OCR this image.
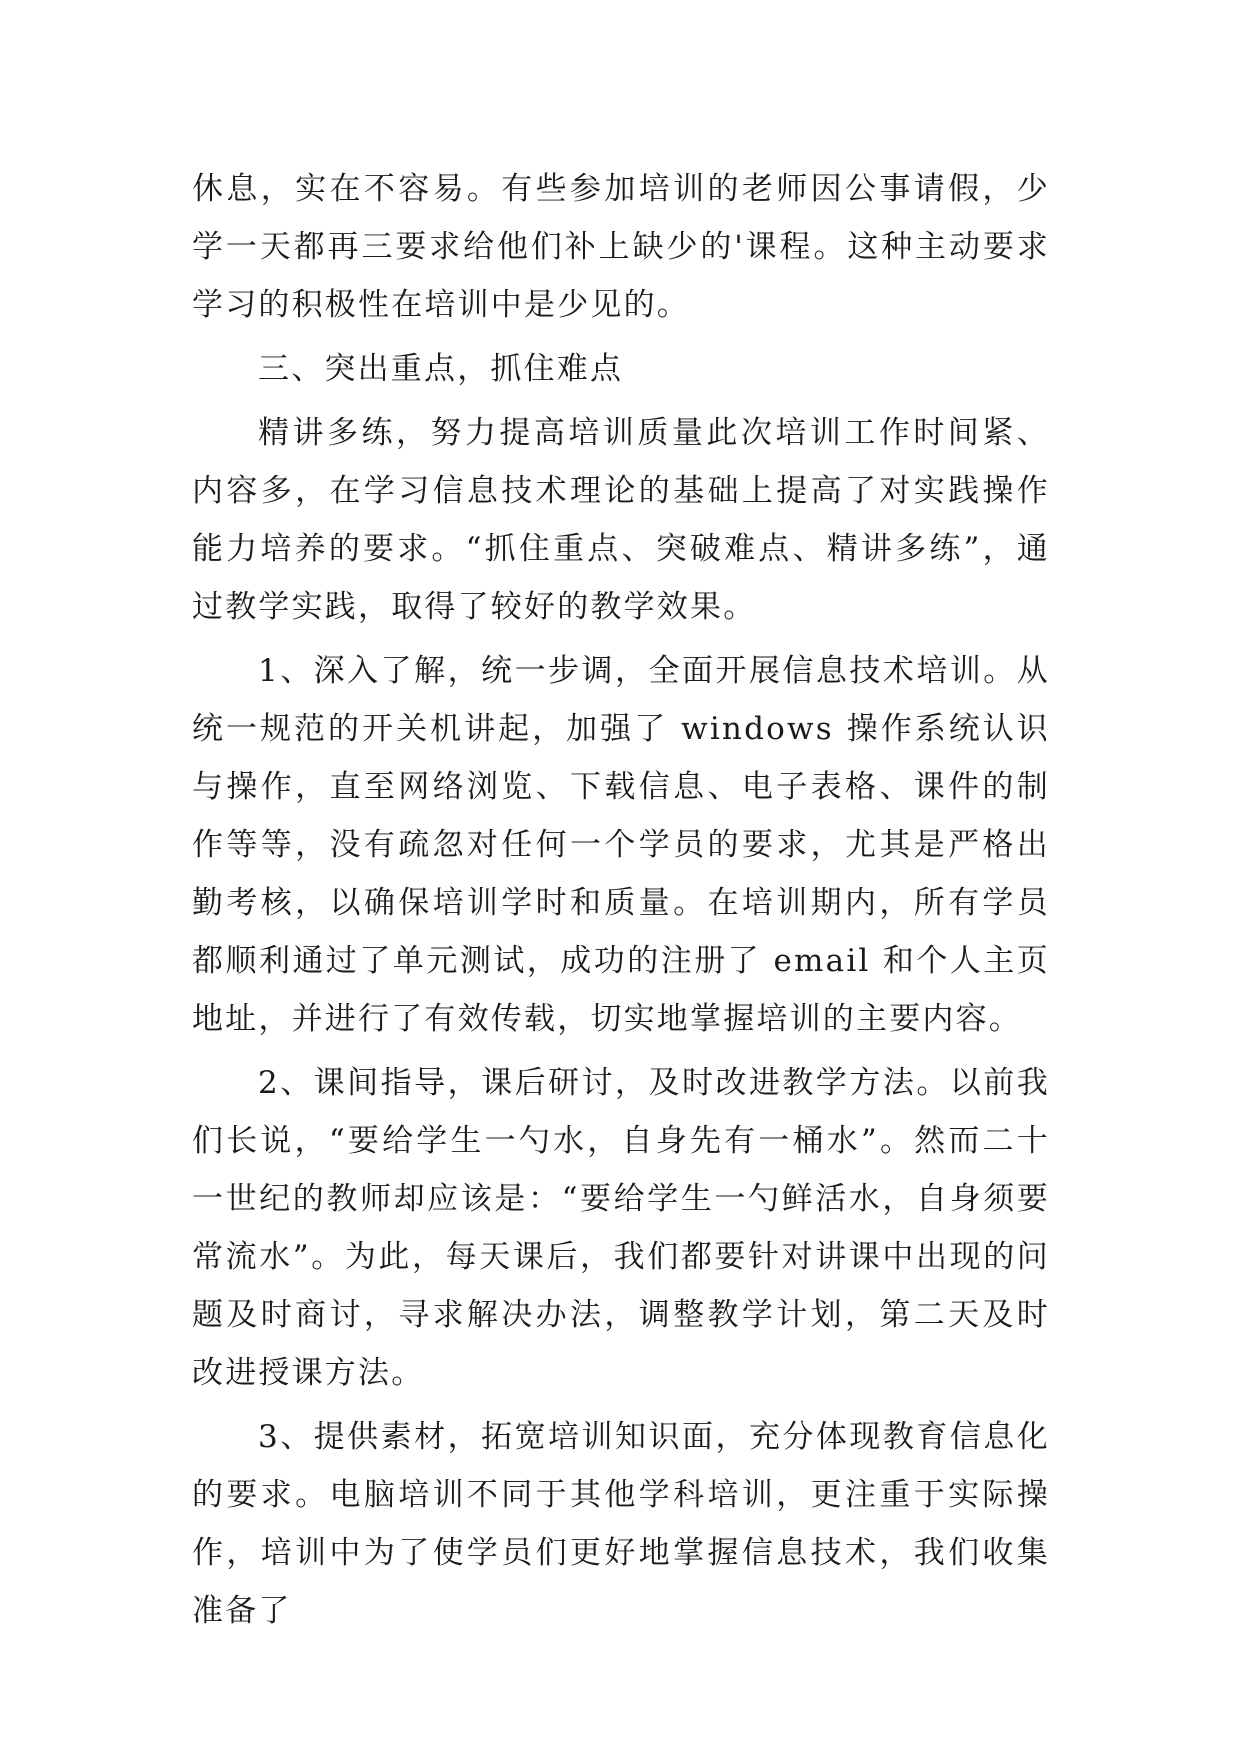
休息，实在不容易。有些参加培训的老师因公事请假，少学一天都再三要求给他们补上缺少的'课程。这种主动要求学习的积极性在培训中是少见的。

三、突出重点，抓住难点

精讲多练，努力提高培训质量此次培训工作时间紧、内容多，在学习信息技术理论的基础上提高了对实践操作能力培养的要求。“抓住重点、突破难点、精讲多练”，通过教学实践，取得了较好的教学效果。

1、深入了解，统一步调，全面开展信息技术培训。从统一规范的开关机讲起，加强了 windows 操作系统认识与操作，直至网络浏览、下载信息、电子表格、课件的制作等等，没有疏忽对任何一个学员的要求，尤其是严格出勤考核，以确保培训学时和质量。在培训期内，所有学员都顺利通过了单元测试，成功的注册了 email 和个人主页地址，并进行了有效传载，切实地掌握培训的主要内容。

2、课间指导，课后研讨，及时改进教学方法。以前我们长说，“要给学生一勺水，自身先有一桶水”。然而二十一世纪的教师却应该是：“要给学生一勺鲜活水，自身须要常流水”。为此，每天课后，我们都要针对讲课中出现的问题及时商讨，寻求解决办法，调整教学计划，第二天及时改进授课方法。

3、提供素材，拓宽培训知识面，充分体现教育信息化的要求。电脑培训不同于其他学科培训，更注重于实际操作，培训中为了使学员们更好地掌握信息技术，我们收集准备了
